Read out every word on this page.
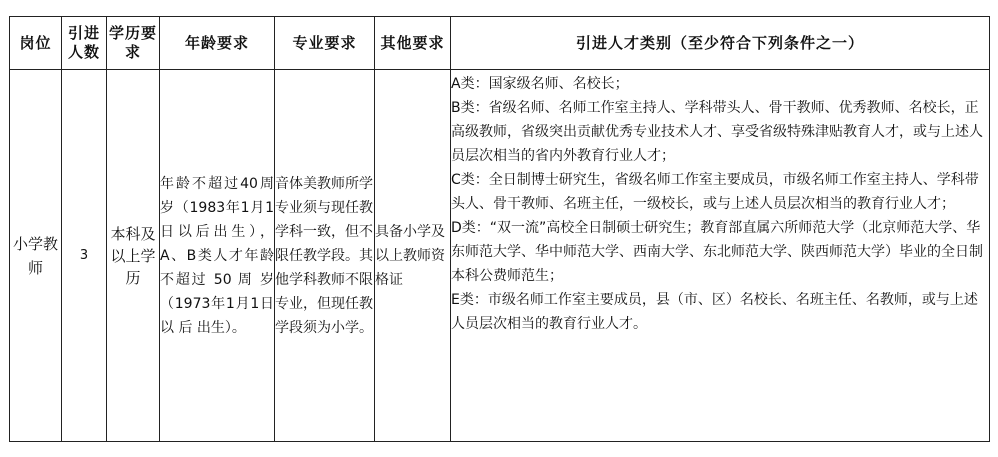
岗位	引进人数	学历要求	年龄要求	专业要求	其他要求	引进人才类别（至少符合下列条件之一）
小学教师	3	本科及以上学历	年龄不超过40周岁（1983年1月1日以后出生），A、B类人才年龄不超过 50 周 岁（1973年1月1日 以 后 出生）。	音体美教师所学专业须与现任教学科一致，但不限任教学段。其他学科教师不限专业，但现任教学段须为小学。	具备小学及以上教师资格证	A类：国家级名师、名校长；
B类：省级名师、名师工作室主持人、学科带头人、骨干教师、优秀教师、名校长，正高级教师，省级突出贡献优秀专业技术人才、享受省级特殊津贴教育人才，或与上述人员层次相当的省内外教育行业人才；
C类：全日制博士研究生，省级名师工作室主要成员，市级名师工作室主持人、学科带头人、骨干教师、名班主任，一级校长，或与上述人员层次相当的教育行业人才；
D类：“双一流”高校全日制硕士研究生；教育部直属六所师范大学（北京师范大学、华东师范大学、华中师范大学、西南大学、东北师范大学、陕西师范大学）毕业的全日制本科公费师范生；
E类：市级名师工作室主要成员，县（市、区）名校长、名班主任、名教师，或与上述人员层次相当的教育行业人才。
